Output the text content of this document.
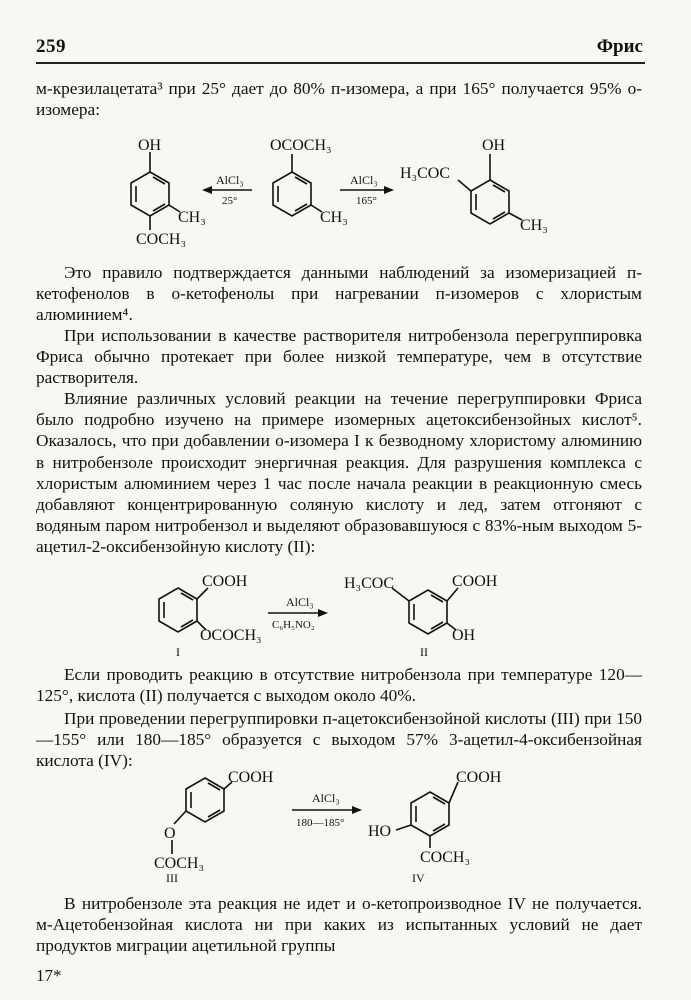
259	Фрис

м-крезилацетата³ при 25° дает до 80% п-изомера, а при 165° получается 95% о-изомера:

OH
CH₃
COCH₃
OCOCH₃
CH₃
H₃COC
OH
CH₃
AlCl₃
25°
AlCl₃
165°

Это правило подтверждается данными наблюдений за изомеризацией п-кетофенолов в о-кетофенолы при нагревании п-изомеров с хлористым алюминием⁴.

При использовании в качестве растворителя нитробензола перегруппировка Фриса обычно протекает при более низкой температуре, чем в отсутствие растворителя.

Влияние различных условий реакции на течение перегруппировки Фриса было подробно изучено на примере изомерных ацетоксибензойных кислот⁵. Оказалось, что при добавлении о-изомера I к безводному хлористому алюминию в нитробензоле происходит энергичная реакция. Для разрушения комплекса с хлористым алюминием через 1 час после начала реакции в реакционную смесь добавляют концентрированную соляную кислоту и лед, затем отгоняют с водяным паром нитробензол и выделяют образовавшуюся с 83%-ным выходом 5-ацетил-2-оксибензойную кислоту (II):

COOH
OCOCH₃
I
AlCl₃
C₆H₅NO₂
H₃COC	COOH
OH
II

Если проводить реакцию в отсутствие нитробензола при температуре 120—125°, кислота (II) получается с выходом около 40%.

При проведении перегруппировки п-ацетоксибензойной кислоты (III) при 150—155° или 180—185° образуется с выходом 57% 3-ацетил-4-оксибензойная кислота (IV):

COOH
O
COCH₃
III
AlCl₃
180—185°
COOH
HO
COCH₃
IV

В нитробензоле эта реакция не идет и о-кетопроизводное IV не получается. м-Ацетобензойная кислота ни при каких из испытанных условий не дает продуктов миграции ацетильной группы

17*
